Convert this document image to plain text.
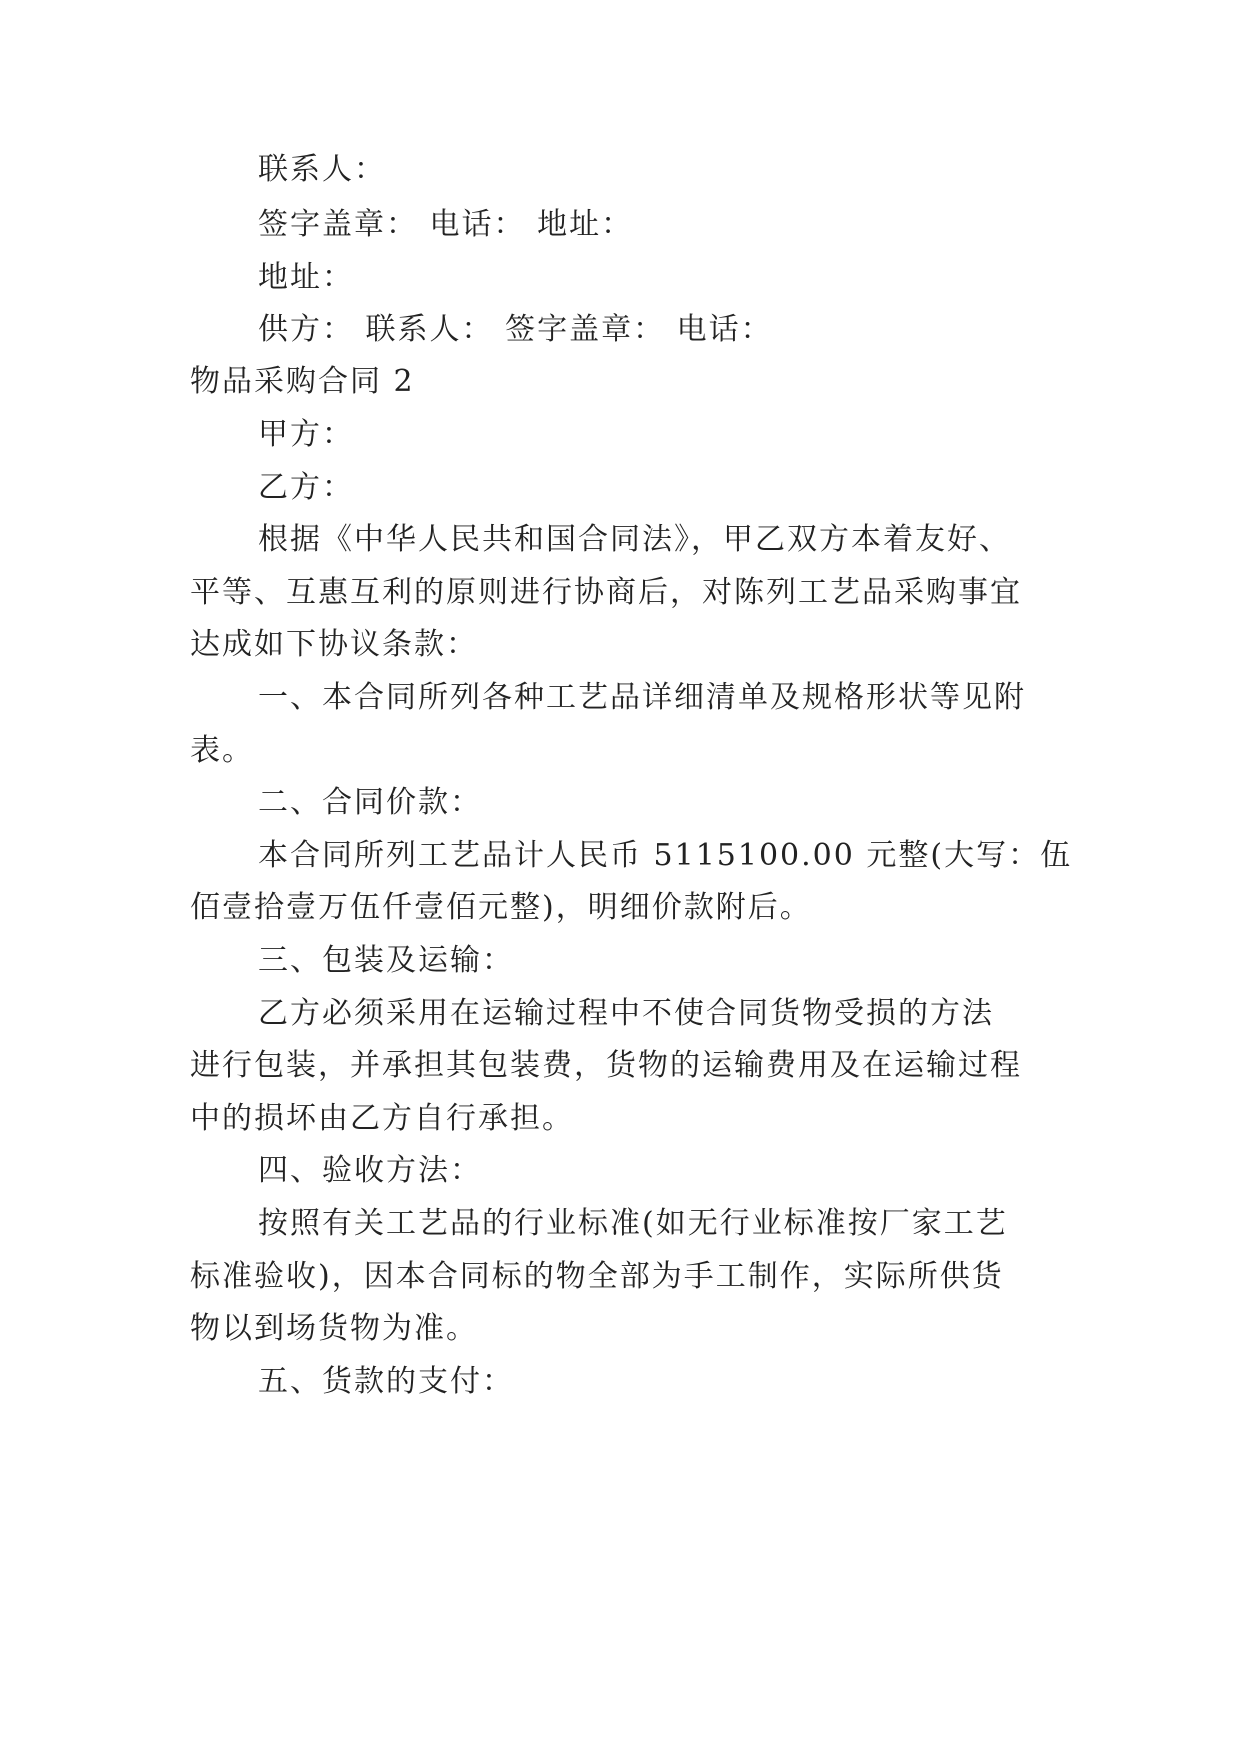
联系人：
签字盖章： 电话： 地址：
地址：
供方： 联系人： 签字盖章： 电话：
物品采购合同 2
甲方：
乙方：
根据《中华人民共和国合同法》，甲乙双方本着友好、
平等、互惠互利的原则进行协商后，对陈列工艺品采购事宜
达成如下协议条款：
一、本合同所列各种工艺品详细清单及规格形状等见附
表。
二、合同价款：
本合同所列工艺品计人民币 5115100.00 元整(大写：伍
佰壹拾壹万伍仟壹佰元整)，明细价款附后。
三、包装及运输：
乙方必须采用在运输过程中不使合同货物受损的方法
进行包装，并承担其包装费，货物的运输费用及在运输过程
中的损坏由乙方自行承担。
四、验收方法：
按照有关工艺品的行业标准(如无行业标准按厂家工艺
标准验收)，因本合同标的物全部为手工制作，实际所供货
物以到场货物为准。
五、货款的支付：
